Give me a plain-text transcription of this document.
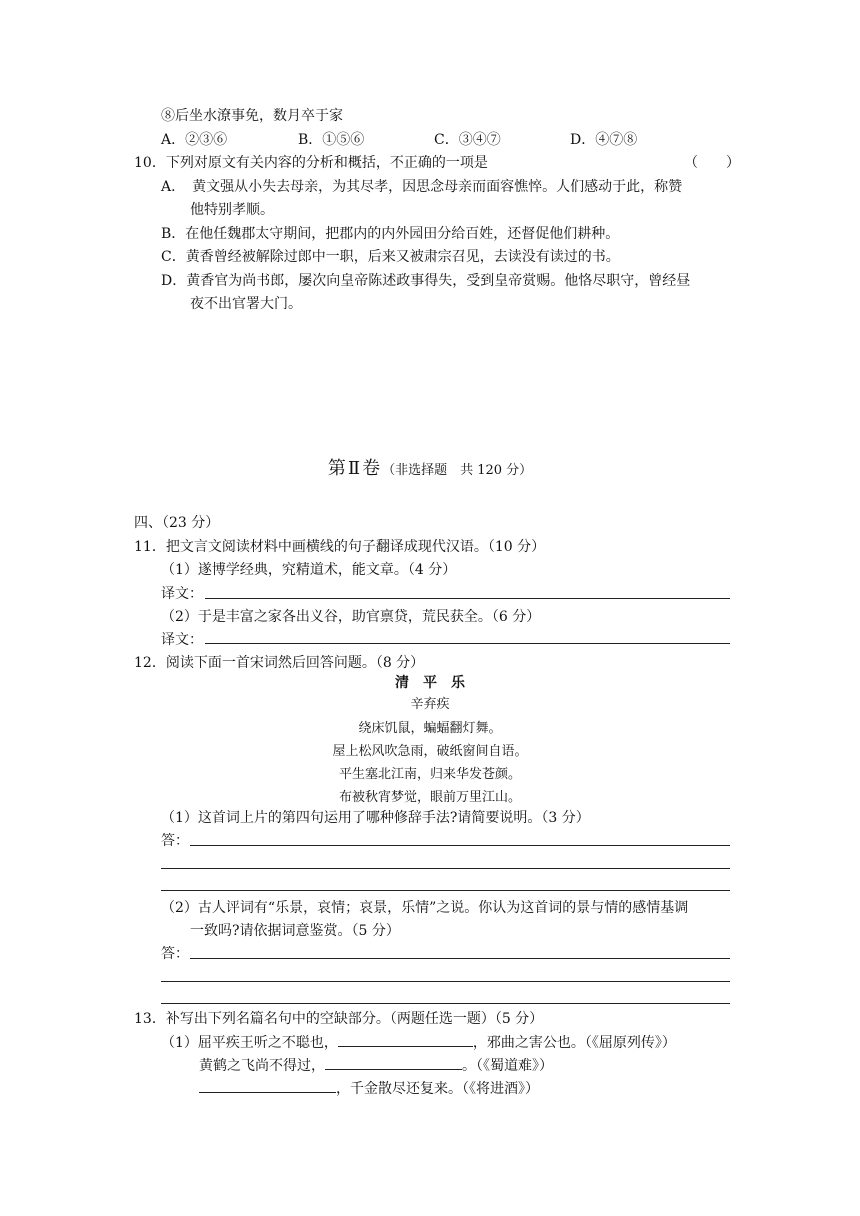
⑧后坐水潦事免，数月卒于家
A．②③⑥	B．①⑤⑥	C．③④⑦	D．④⑦⑧
10．下列对原文有关内容的分析和概括，不正确的一项是	（　　）
A．　黄文强从小失去母亲，为其尽孝，因思念母亲而面容憔悴。人们感动于此，称赞
他特别孝顺。
B．在他任魏郡太守期间，把郡内的内外园田分给百姓，还督促他们耕种。
C．黄香曾经被解除过郎中一职，后来又被肃宗召见，去读没有读过的书。
D．黄香官为尚书郎，屡次向皇帝陈述政事得失，受到皇帝赏赐。他恪尽职守，曾经昼
夜不出官署大门。
第Ⅱ卷（非选择题　共 120 分）
四、（23 分）
11．把文言文阅读材料中画横线的句子翻译成现代汉语。（10 分）
（1）遂博学经典，究精道术，能文章。（4 分）
译文：
（2）于是丰富之家各出义谷，助官禀贷，荒民获全。（6 分）
译文：
12．阅读下面一首宋词然后回答问题。（8 分）
清　平　乐
辛弃疾
绕床饥鼠，蝙蝠翻灯舞。
屋上松风吹急雨，破纸窗间自语。
平生塞北江南，归来华发苍颜。
布被秋宵梦觉，眼前万里江山。
（1）这首词上片的第四句运用了哪种修辞手法?请简要说明。（3 分）
答：
（2）古人评词有“乐景，哀情；哀景，乐情”之说。你认为这首词的景与情的感情基调
一致吗?请依据词意鉴赏。（5 分）
答：
13．补写出下列名篇名句中的空缺部分。（两题任选一题）（5 分）
（1）屈平疾王听之不聪也，	，邪曲之害公也。（《屈原列传》）
黄鹤之飞尚不得过，	。（《蜀道难》）
，千金散尽还复来。（《将进酒》）
